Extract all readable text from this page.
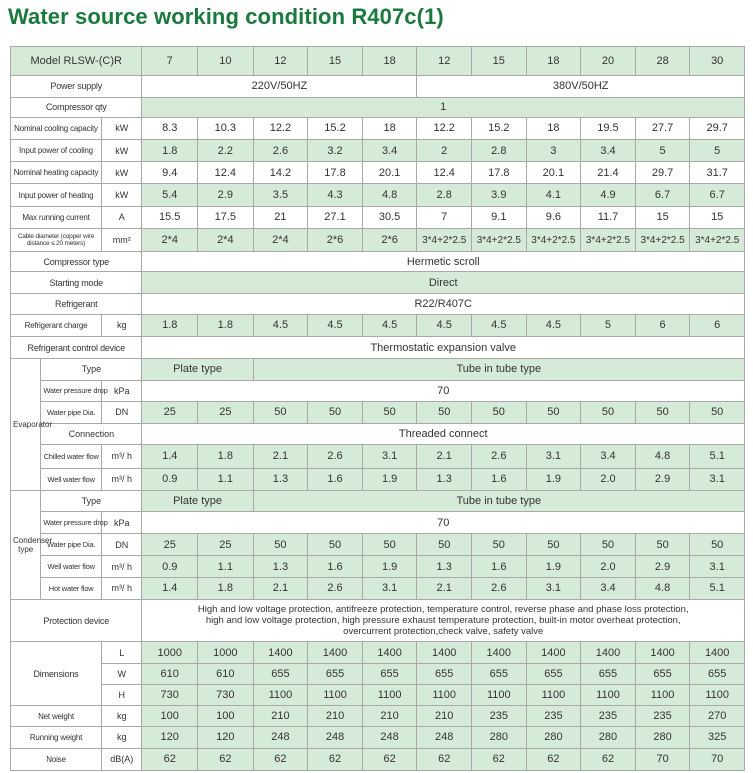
Water source working condition R407c(1)
Model RLSW-(C)R			7	10	12	15	18	12	15	18	20	28	30
Power supply			220V/50HZ					380V/50HZ					
Compressor qty			1										
Nominal cooling capacity		kW	8.3	10.3	12.2	15.2	18	12.2	15.2	18	19.5	27.7	29.7
Input power of cooling		kW	1.8	2.2	2.6	3.2	3.4	2	2.8	3	3.4	5	5
Nominal heating capacity		kW	9.4	12.4	14.2	17.8	20.1	12.4	17.8	20.1	21.4	29.7	31.7
Input power of heating		kW	5.4	2.9	3.5	4.3	4.8	2.8	3.9	4.1	4.9	6.7	6.7
Max running current		A	15.5	17.5	21	27.1	30.5	7	9.1	9.6	11.7	15	15
Cable diameter (copper wire distance ≤ 20 meters)		mm²	2*4	2*4	2*4	2*6	2*6	3*4+2*2.5	3*4+2*2.5	3*4+2*2.5	3*4+2*2.5	3*4+2*2.5	3*4+2*2.5
Compressor type			Hermetic scroll										
Starting mode			Direct										
Refrigerant			R22/R407C										
Refrigerant charge		kg	1.8	1.8	4.5	4.5	4.5	4.5	4.5	4.5	5	6	6
Refrigerant control device			Thermostatic expansion valve										
Evaporator	Type		Plate type		Tube in tube type								
	Water pressure drop	kPa	70										
	Water pipe Dia.	DN	25	25	50	50	50	50	50	50	50	50	50
	Connection		Threaded connect										
	Chilled water flow	m³/ h	1.4	1.8	2.1	2.6	3.1	2.1	2.6	3.1	3.4	4.8	5.1
	Well water flow	m³/ h	0.9	1.1	1.3	1.6	1.9	1.3	1.6	1.9	2.0	2.9	3.1
Condenser type	Type		Plate type		Tube in tube type								
	Water pressure drop	kPa	70										
	Water pipe Dia.	DN	25	25	50	50	50	50	50	50	50	50	50
	Well water flow	m³/ h	0.9	1.1	1.3	1.6	1.9	1.3	1.6	1.9	2.0	2.9	3.1
	Hot water flow	m³/ h	1.4	1.8	2.1	2.6	3.1	2.1	2.6	3.1	3.4	4.8	5.1
Protection device			High and low voltage protection, antifreeze protection, temperature control, reverse phase and phase loss protection,
high and low voltage protection, high pressure exhaust temperature protection, built-in motor overheat protection,
overcurrent protection,check valve, safety valve										

Dimensions		L	1000	1000	1400	1400	1400	1400	1400	1400	1400	1400	1400
		W	610	610	655	655	655	655	655	655	655	655	655
		H	730	730	1100	1100	1100	1100	1100	1100	1100	1100	1100
Net weight		kg	100	100	210	210	210	210	235	235	235	235	270
Running weight		kg	120	120	248	248	248	248	280	280	280	280	325
Noise		dB(A)	62	62	62	62	62	62	62	62	62	70	70
